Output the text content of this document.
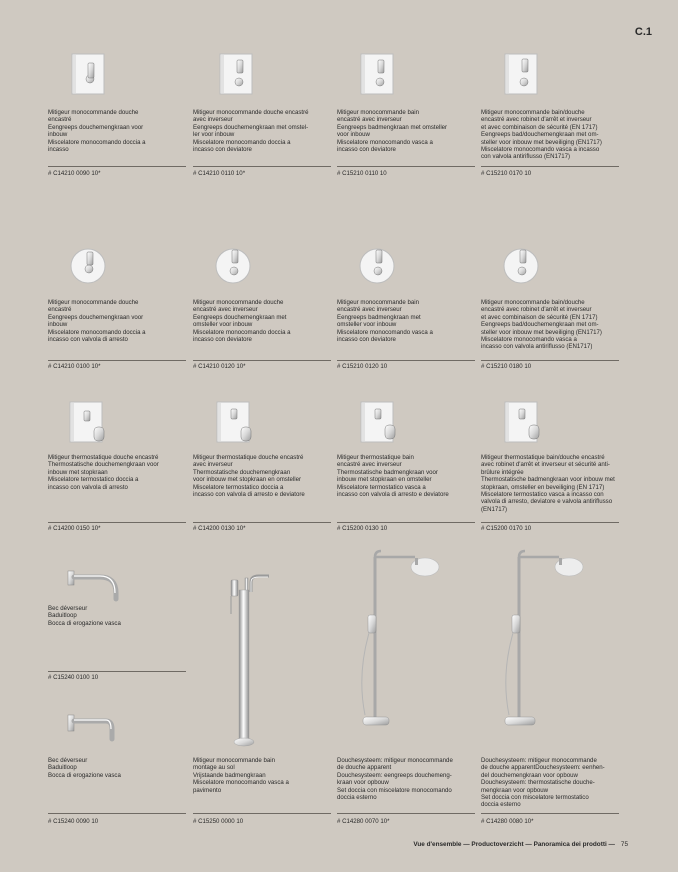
C.1
Mitigeur monocommande douche
encastré
Eengreeps douchemengkraan voor
inbouw
Miscelatore monocomando doccia a
incasso
# C14210 0090 10*
Mitigeur monocommande douche encastré
avec inverseur
Eengreeps douchemengkraan met omstel-
ler voor inbouw
Miscelatore monocomando doccia a
incasso con deviatore
# C14210 0110 10*
Mitigeur monocommande bain
encastré avec inverseur
Eengreeps badmengkraan met omsteller
voor inbouw
Miscelatore monocomando vasca a
incasso con deviatore
# C15210 0110 10
Mitigeur monocommande bain/douche
encastré avec robinet d'arrêt et inverseur
et avec combinaison de sécurité (EN 1717)
Eengreeps bad/douchemengkraan met om-
steller voor inbouw met beveiliging (EN1717)
Miscelatore monocomando vasca a incasso
con valvola antiriflusso (EN1717)
# C15210 0170 10
Mitigeur monocommande douche
encastré
Eengreeps douchemengkraan voor
inbouw
Miscelatore monocomando doccia a
incasso con valvola di arresto
# C14210 0100 10*
Mitigeur monocommande douche
encastré avec inverseur
Eengreeps douchemengkraan met
omsteller voor inbouw
Miscelatore monocomando doccia a
incasso con deviatore
# C14210 0120 10*
Mitigeur monocommande bain
encastré avec inverseur
Eengreeps badmengkraan met
omsteller voor inbouw
Miscelatore monocomando vasca a
incasso con deviatore
# C15210 0120 10
Mitigeur monocommande bain/douche
encastré avec robinet d'arrêt et inverseur
et avec combinaison de sécurité (EN 1717)
Eengreeps bad/douchemengkraan met om-
steller voor inbouw met beveiliging (EN1717)
Miscelatore monocomando vasca a
incasso con valvola antiriflusso (EN1717)
# C15210 0180 10
Mitigeur thermostatique douche encastré
Thermostatische douchemengkraan voor
inbouw met stopkraan
Miscelatore termostatico doccia a
incasso con valvola di arresto
# C14200 0150 10*
Mitigeur thermostatique douche encastré
avec inverseur
Thermostatische douchemengkraan
voor inbouw met stopkraan en omsteller
Miscelatore termostatico doccia a
incasso con valvola di arresto e deviatore
# C14200 0130 10*
Mitigeur thermostatique bain
encastré avec inverseur
Thermostatische badmengkraan voor
inbouw met stopkraan en omsteller
Miscelatore termostatico vasca a
incasso con valvola di arresto e deviatore
# C15200 0130 10
Mitigeur thermostatique bain/douche encastré
avec robinet d'arrêt et inverseur et sécurité anti-
brûlure intégrée
Thermostatische badmengkraan voor inbouw met
stopkraan, omsteller en beveiliging (EN 1717)
Miscelatore termostatico vasca a incasso con
valvola di arresto, deviatore e valvola antiriflusso
(EN1717)
# C15200 0170 10
Bec déverseur
Baduitloop
Bocca di erogazione vasca
# C15240 0100 10
Bec déverseur
Baduitloop
Bocca di erogazione vasca
# C15240 0090 10
Mitigeur monocommande bain
montage au sol
Vrijstaande badmengkraan
Miscelatore monocomando vasca a
pavimento
# C15250 0000 10
Douchesysteem: mitigeur monocommande
de douche apparent
Douchesysteem: eengreeps douchemeng-
kraan voor opbouw
Set doccia con miscelatore monocomando
doccia esterno
# C14280 0070 10*
Douchesysteem: mitigeur monocommande
de douche apparentDouchesysteem: eenhen-
del douchemengkraan voor opbouw
Douchesysteem: thermostatische douche-
mengkraan voor opbouw
Set doccia con miscelatore termostatico
doccia esterno
# C14280 0080 10*
Vue d'ensemble — Productoverzicht — Panoramica dei prodotti — 75
